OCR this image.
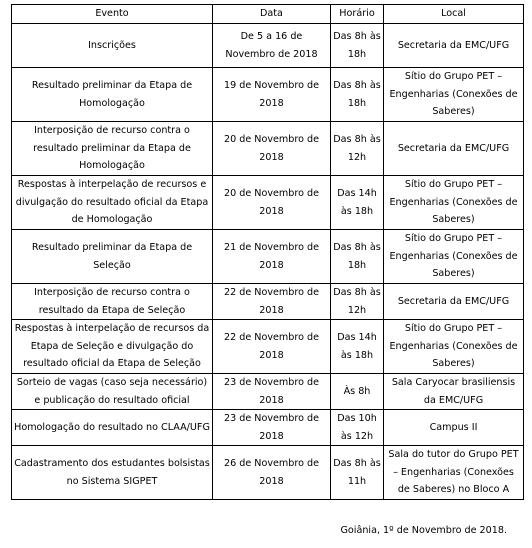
Evento	Data	Horário	Local
Inscrições	De 5 a 16 de Novembro de 2018	Das 8h às 18h	Secretaria da EMC/UFG
Resultado preliminar da Etapa de Homologação	19 de Novembro de 2018	Das 8h às 18h	Sítio do Grupo PET – Engenharias (Conexões de Saberes)
Interposição de recurso contra o resultado preliminar da Etapa de Homologação	20 de Novembro de 2018	Das 8h às 12h	Secretaria da EMC/UFG
Respostas à interpelação de recursos e divulgação do resultado oficial da Etapa de Homologação	20 de Novembro de 2018	Das 14h às 18h	Sítio do Grupo PET – Engenharias (Conexões de Saberes)
Resultado preliminar da Etapa de Seleção	21 de Novembro de 2018	Das 8h às 18h	Sítio do Grupo PET – Engenharias (Conexões de Saberes)
Interposição de recurso contra o resultado da Etapa de Seleção	22 de Novembro de 2018	Das 8h às 12h	Secretaria da EMC/UFG
Respostas à interpelação de recursos da Etapa de Seleção e divulgação do resultado oficial da Etapa de Seleção	22 de Novembro de 2018	Das 14h às 18h	Sítio do Grupo PET – Engenharias (Conexões de Saberes)
Sorteio de vagas (caso seja necessário) e publicação do resultado oficial	23 de Novembro de 2018	Às 8h	Sala Caryocar brasiliensis da EMC/UFG
Homologação do resultado no CLAA/UFG	23 de Novembro de 2018	Das 10h às 12h	Campus II
Cadastramento dos estudantes bolsistas no Sistema SIGPET	26 de Novembro de 2018	Das 8h às 11h	Sala do tutor do Grupo PET – Engenharias (Conexões de Saberes) no Bloco A
Goiânia, 1º de Novembro de 2018.
